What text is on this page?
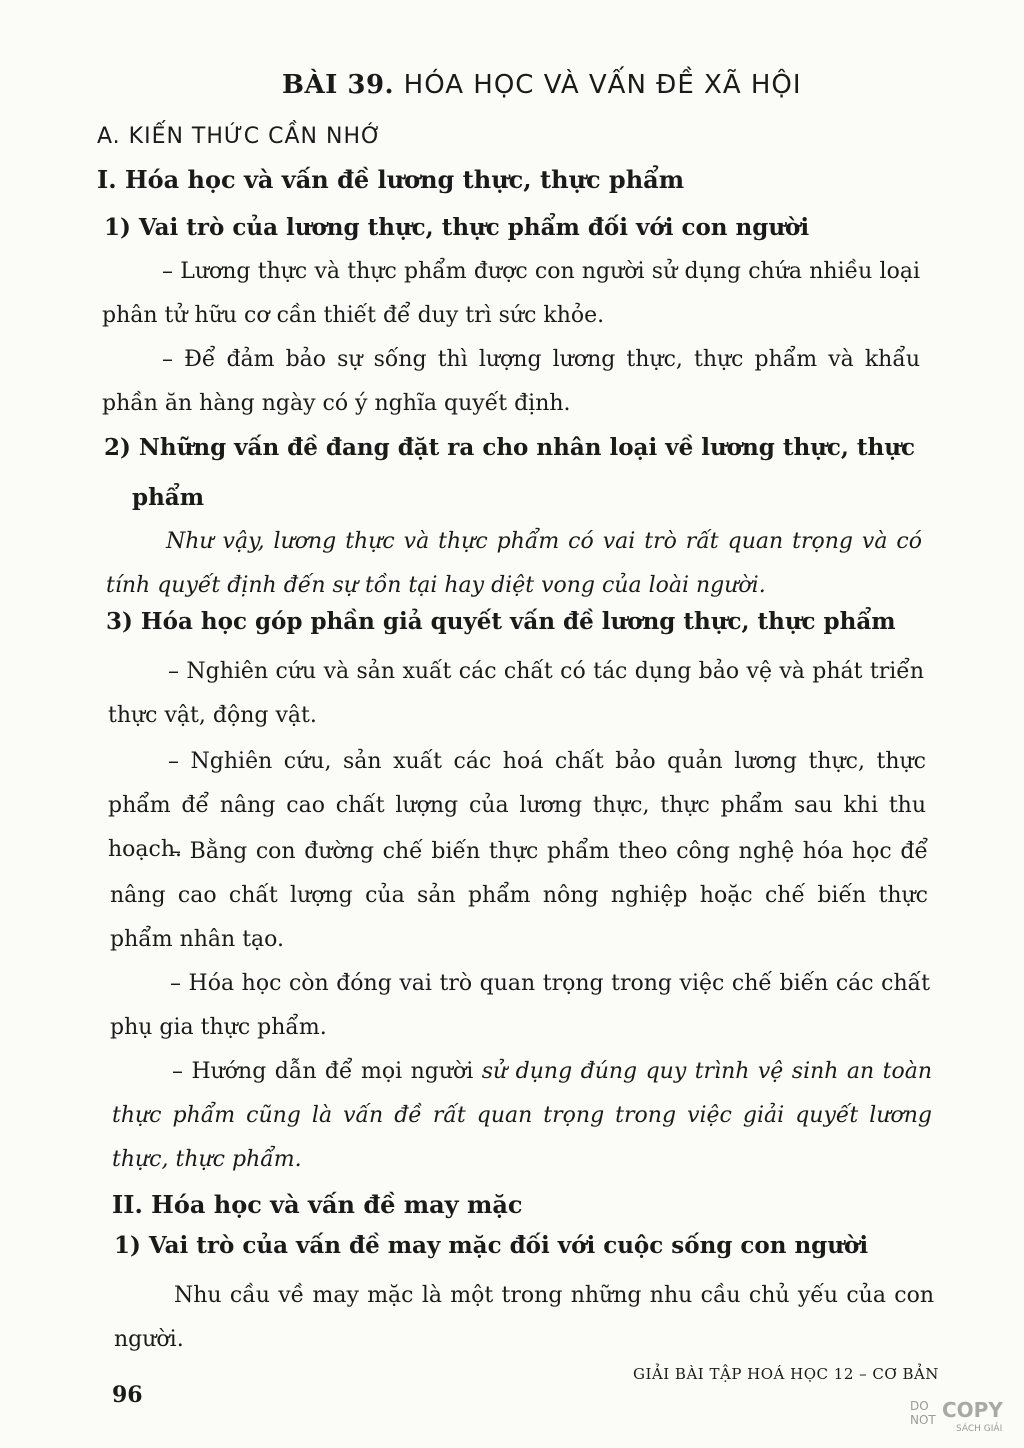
BÀI 39. HÓA HỌC VÀ VẤN ĐỀ XÃ HỘI
A. KIẾN THỨC CẦN NHỚ
I. Hóa học và vấn đề lương thực, thực phẩm
1) Vai trò của lương thực, thực phẩm đối với con người
– Lương thực và thực phẩm được con người sử dụng chứa nhiều loại phân tử hữu cơ cần thiết để duy trì sức khỏe.
– Để đảm bảo sự sống thì lượng lương thực, thực phẩm và khẩu phần ăn hàng ngày có ý nghĩa quyết định.
2) Những vấn đề đang đặt ra cho nhân loại về lương thực, thực
phẩm
Như vậy, lương thực và thực phẩm có vai trò rất quan trọng và có tính quyết định đến sự tồn tại hay diệt vong của loài người.
3) Hóa học góp phần giả quyết vấn đề lương thực, thực phẩm
– Nghiên cứu và sản xuất các chất có tác dụng bảo vệ và phát triển thực vật, động vật.
– Nghiên cứu, sản xuất các hoá chất bảo quản lương thực, thực phẩm để nâng cao chất lượng của lương thực, thực phẩm sau khi thu hoạch.
– Bằng con đường chế biến thực phẩm theo công nghệ hóa học để nâng cao chất lượng của sản phẩm nông nghiệp hoặc chế biến thực phẩm nhân tạo.
– Hóa học còn đóng vai trò quan trọng trong việc chế biến các chất phụ gia thực phẩm.
– Hướng dẫn để mọi người sử dụng đúng quy trình vệ sinh an toàn thực phẩm cũng là vấn đề rất quan trọng trong việc giải quyết lương thực, thực phẩm.
II. Hóa học và vấn đề may mặc
1) Vai trò của vấn đề may mặc đối với cuộc sống con người
Nhu cầu về may mặc là một trong những nhu cầu chủ yếu của con người.
96
GIẢI BÀI TẬP HOÁ HỌC 12 – CƠ BẢN
DO
NOT COPY
SÁCH GIẢI
